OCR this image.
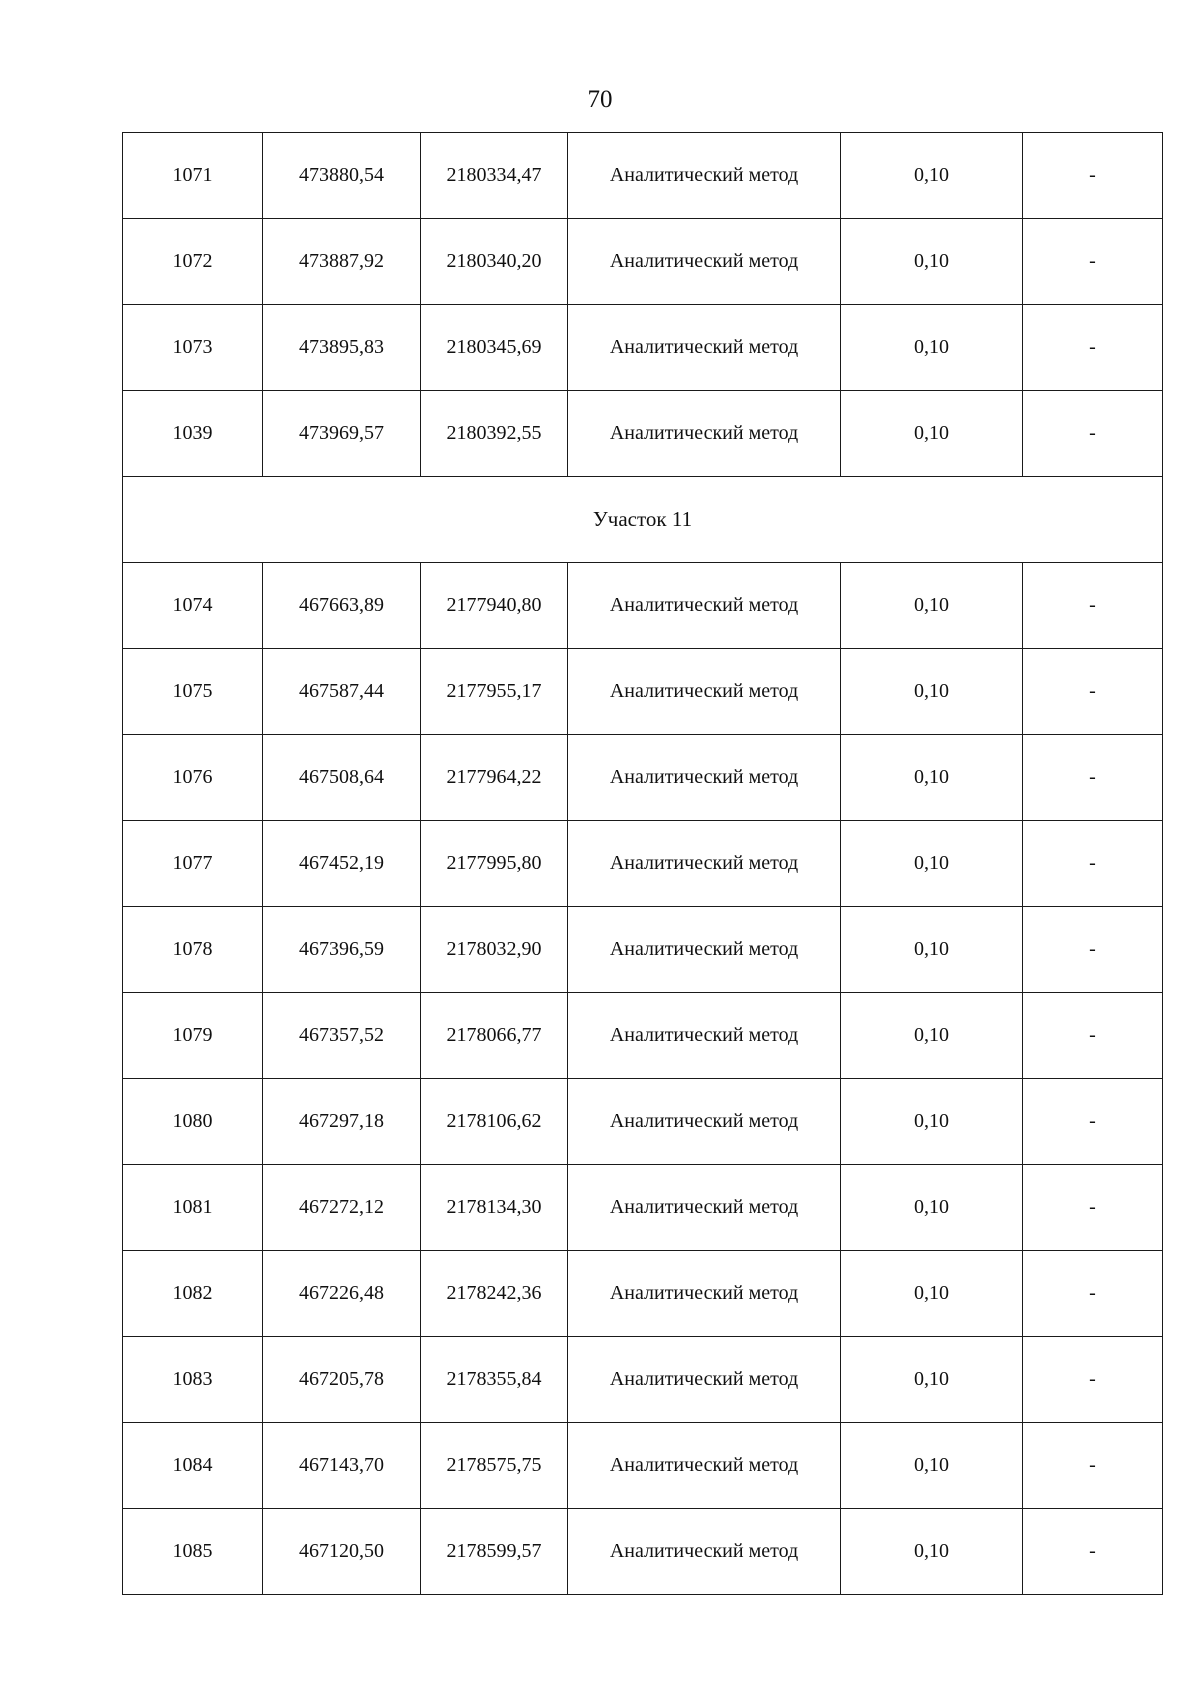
70
1071	473880,54	2180334,47	Аналитический метод	0,10	-
1072	473887,92	2180340,20	Аналитический метод	0,10	-
1073	473895,83	2180345,69	Аналитический метод	0,10	-
1039	473969,57	2180392,55	Аналитический метод	0,10	-
Участок 11					
1074	467663,89	2177940,80	Аналитический метод	0,10	-
1075	467587,44	2177955,17	Аналитический метод	0,10	-
1076	467508,64	2177964,22	Аналитический метод	0,10	-
1077	467452,19	2177995,80	Аналитический метод	0,10	-
1078	467396,59	2178032,90	Аналитический метод	0,10	-
1079	467357,52	2178066,77	Аналитический метод	0,10	-
1080	467297,18	2178106,62	Аналитический метод	0,10	-
1081	467272,12	2178134,30	Аналитический метод	0,10	-
1082	467226,48	2178242,36	Аналитический метод	0,10	-
1083	467205,78	2178355,84	Аналитический метод	0,10	-
1084	467143,70	2178575,75	Аналитический метод	0,10	-
1085	467120,50	2178599,57	Аналитический метод	0,10	-
